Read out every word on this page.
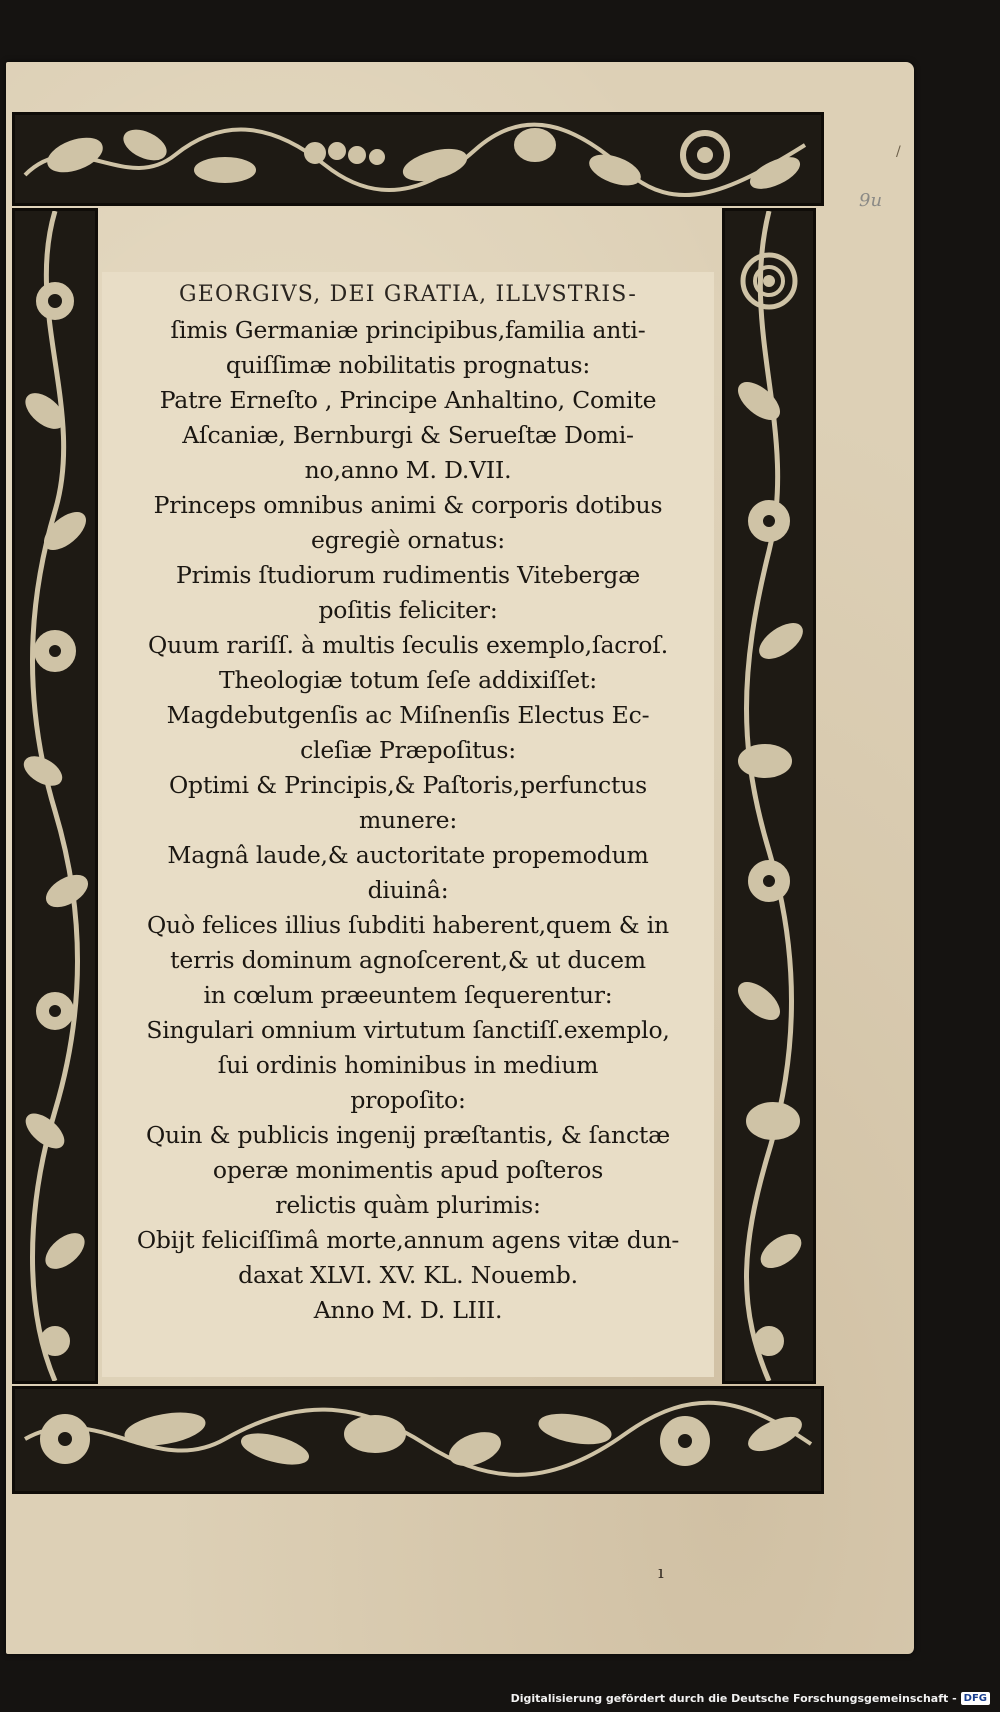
/
9u
GEORGIVS, DEI GRATIA, ILLVSTRIS-
ſimis Germaniæ principibus,familia anti-
quiſſimæ nobilitatis prognatus:
Patre Erneſto , Principe Anhaltino, Comite
Aſcaniæ, Bernburgi & Serueſtæ Domi-
no,anno M. D.VII.
Princeps omnibus animi & corporis dotibus
egregiè ornatus:
Primis ſtudiorum rudimentis Vitebergæ
poſitis feliciter:
Quum rariſſ. à multis ſeculis exemplo,ſacroſ.
Theologiæ totum ſeſe addixiſſet:
Magdebutgenſis ac Miſnenſis Electus Ec-
cleſiæ Præpoſitus:
Optimi & Principis,& Paſtoris,perfunctus
munere:
Magnâ laude,& auctoritate propemodum
diuinâ:
Quò felices illius ſubditi haberent,quem & in
terris dominum agnoſcerent,& ut ducem
in cœlum præeuntem ſequerentur:
Singulari omnium virtutum ſanctiſſ.exemplo,
ſui ordinis hominibus in medium
propoſito:
Quin & publicis ingenij præſtantis, & ſanctæ
operæ monimentis apud poſteros
relictis quàm plurimis:
Obijt feliciſſimâ morte,annum agens vitæ dun-
daxat XLVI. XV. KL. Nouemb.
Anno M. D. LIII.
ı
Digitalisierung gefördert durch die Deutsche Forschungsgemeinschaft - DFG
